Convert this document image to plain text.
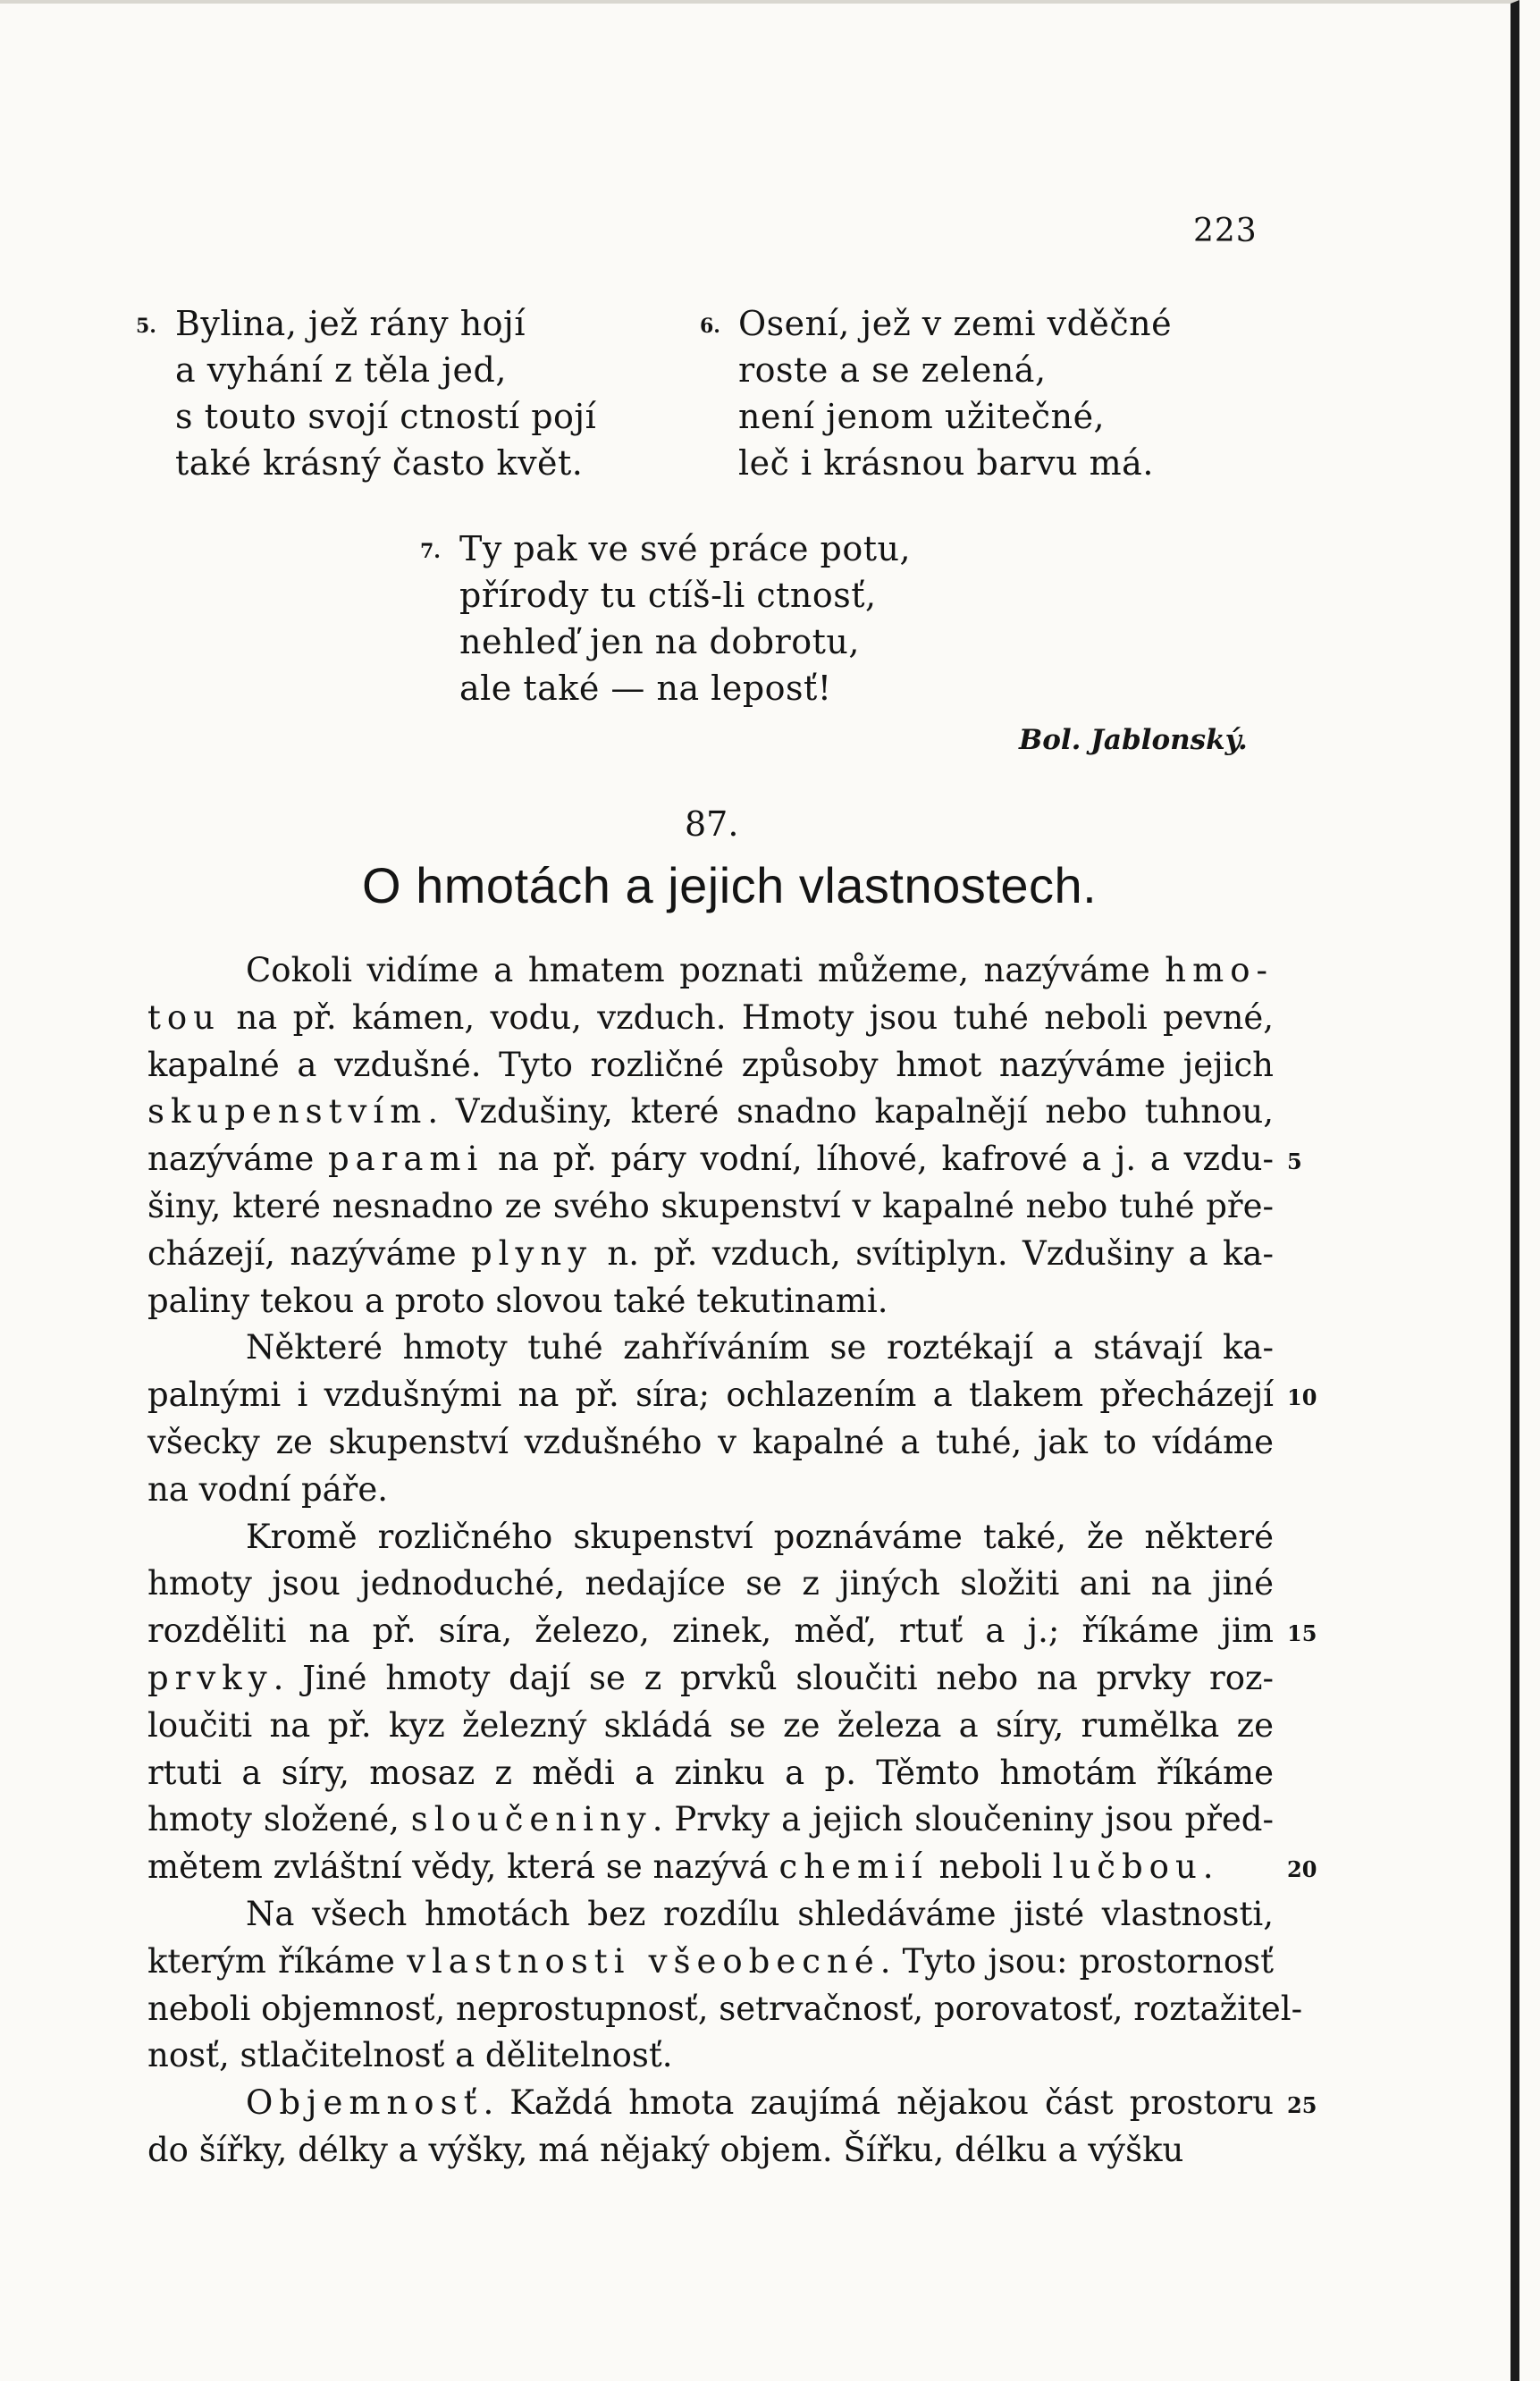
223
5. Bylina, jež rány hojí
a vyhání z těla jed,
s touto svojí ctností pojí
také krásný často květ.
6. Osení, jež v zemi vděčné
roste a se zelená,
není jenom užitečné,
leč i krásnou barvu má.
7. Ty pak ve své práce potu,
přírody tu ctíš-li ctnosť,
nehleď jen na dobrotu,
ale také — na leposť!
Bol. Jablonský.
87.
O hmotách a jejich vlastnostech.
Cokoli vidíme a hmatem poznati můžeme, nazýváme hmo-
tou na př. kámen, vodu, vzduch. Hmoty jsou tuhé neboli pevné,
kapalné a vzdušné. Tyto rozličné způsoby hmot nazýváme jejich
skupenstvím. Vzdušiny, které snadno kapalnějí nebo tuhnou,
nazýváme parami na př. páry vodní, líhové, kafrové a j. a vzdu-
šiny, které nesnadno ze svého skupenství v kapalné nebo tuhé pře-
cházejí, nazýváme plyny n. př. vzduch, svítiplyn. Vzdušiny a ka-
paliny tekou a proto slovou také tekutinami.
Některé hmoty tuhé zahříváním se roztékají a stávají ka-
palnými i vzdušnými na př. síra; ochlazením a tlakem přecházejí
všecky ze skupenství vzdušného v kapalné a tuhé, jak to vídáme
na vodní páře.
Kromě rozličného skupenství poznáváme také, že některé
hmoty jsou jednoduché, nedajíce se z jiných složiti ani na jiné
rozděliti na př. síra, železo, zinek, měď, rtuť a j.; říkáme jim
prvky. Jiné hmoty dají se z prvků sloučiti nebo na prvky roz-
loučiti na př. kyz železný skládá se ze železa a síry, rumělka ze
rtuti a síry, mosaz z mědi a zinku a p. Těmto hmotám říkáme
hmoty složené, sloučeniny. Prvky a jejich sloučeniny jsou před-
mětem zvláštní vědy, která se nazývá chemií neboli lučbou.
Na všech hmotách bez rozdílu shledáváme jisté vlastnosti,
kterým říkáme vlastnosti všeobecné. Tyto jsou: prostornosť
neboli objemnosť, neprostupnosť, setrvačnosť, porovatosť, roztažitel-
nosť, stlačitelnosť a dělitelnosť.
Objemnosť. Každá hmota zaujímá nějakou část prostoru
do šířky, délky a výšky, má nějaký objem. Šířku, délku a výšku
5
10
15
20
25
